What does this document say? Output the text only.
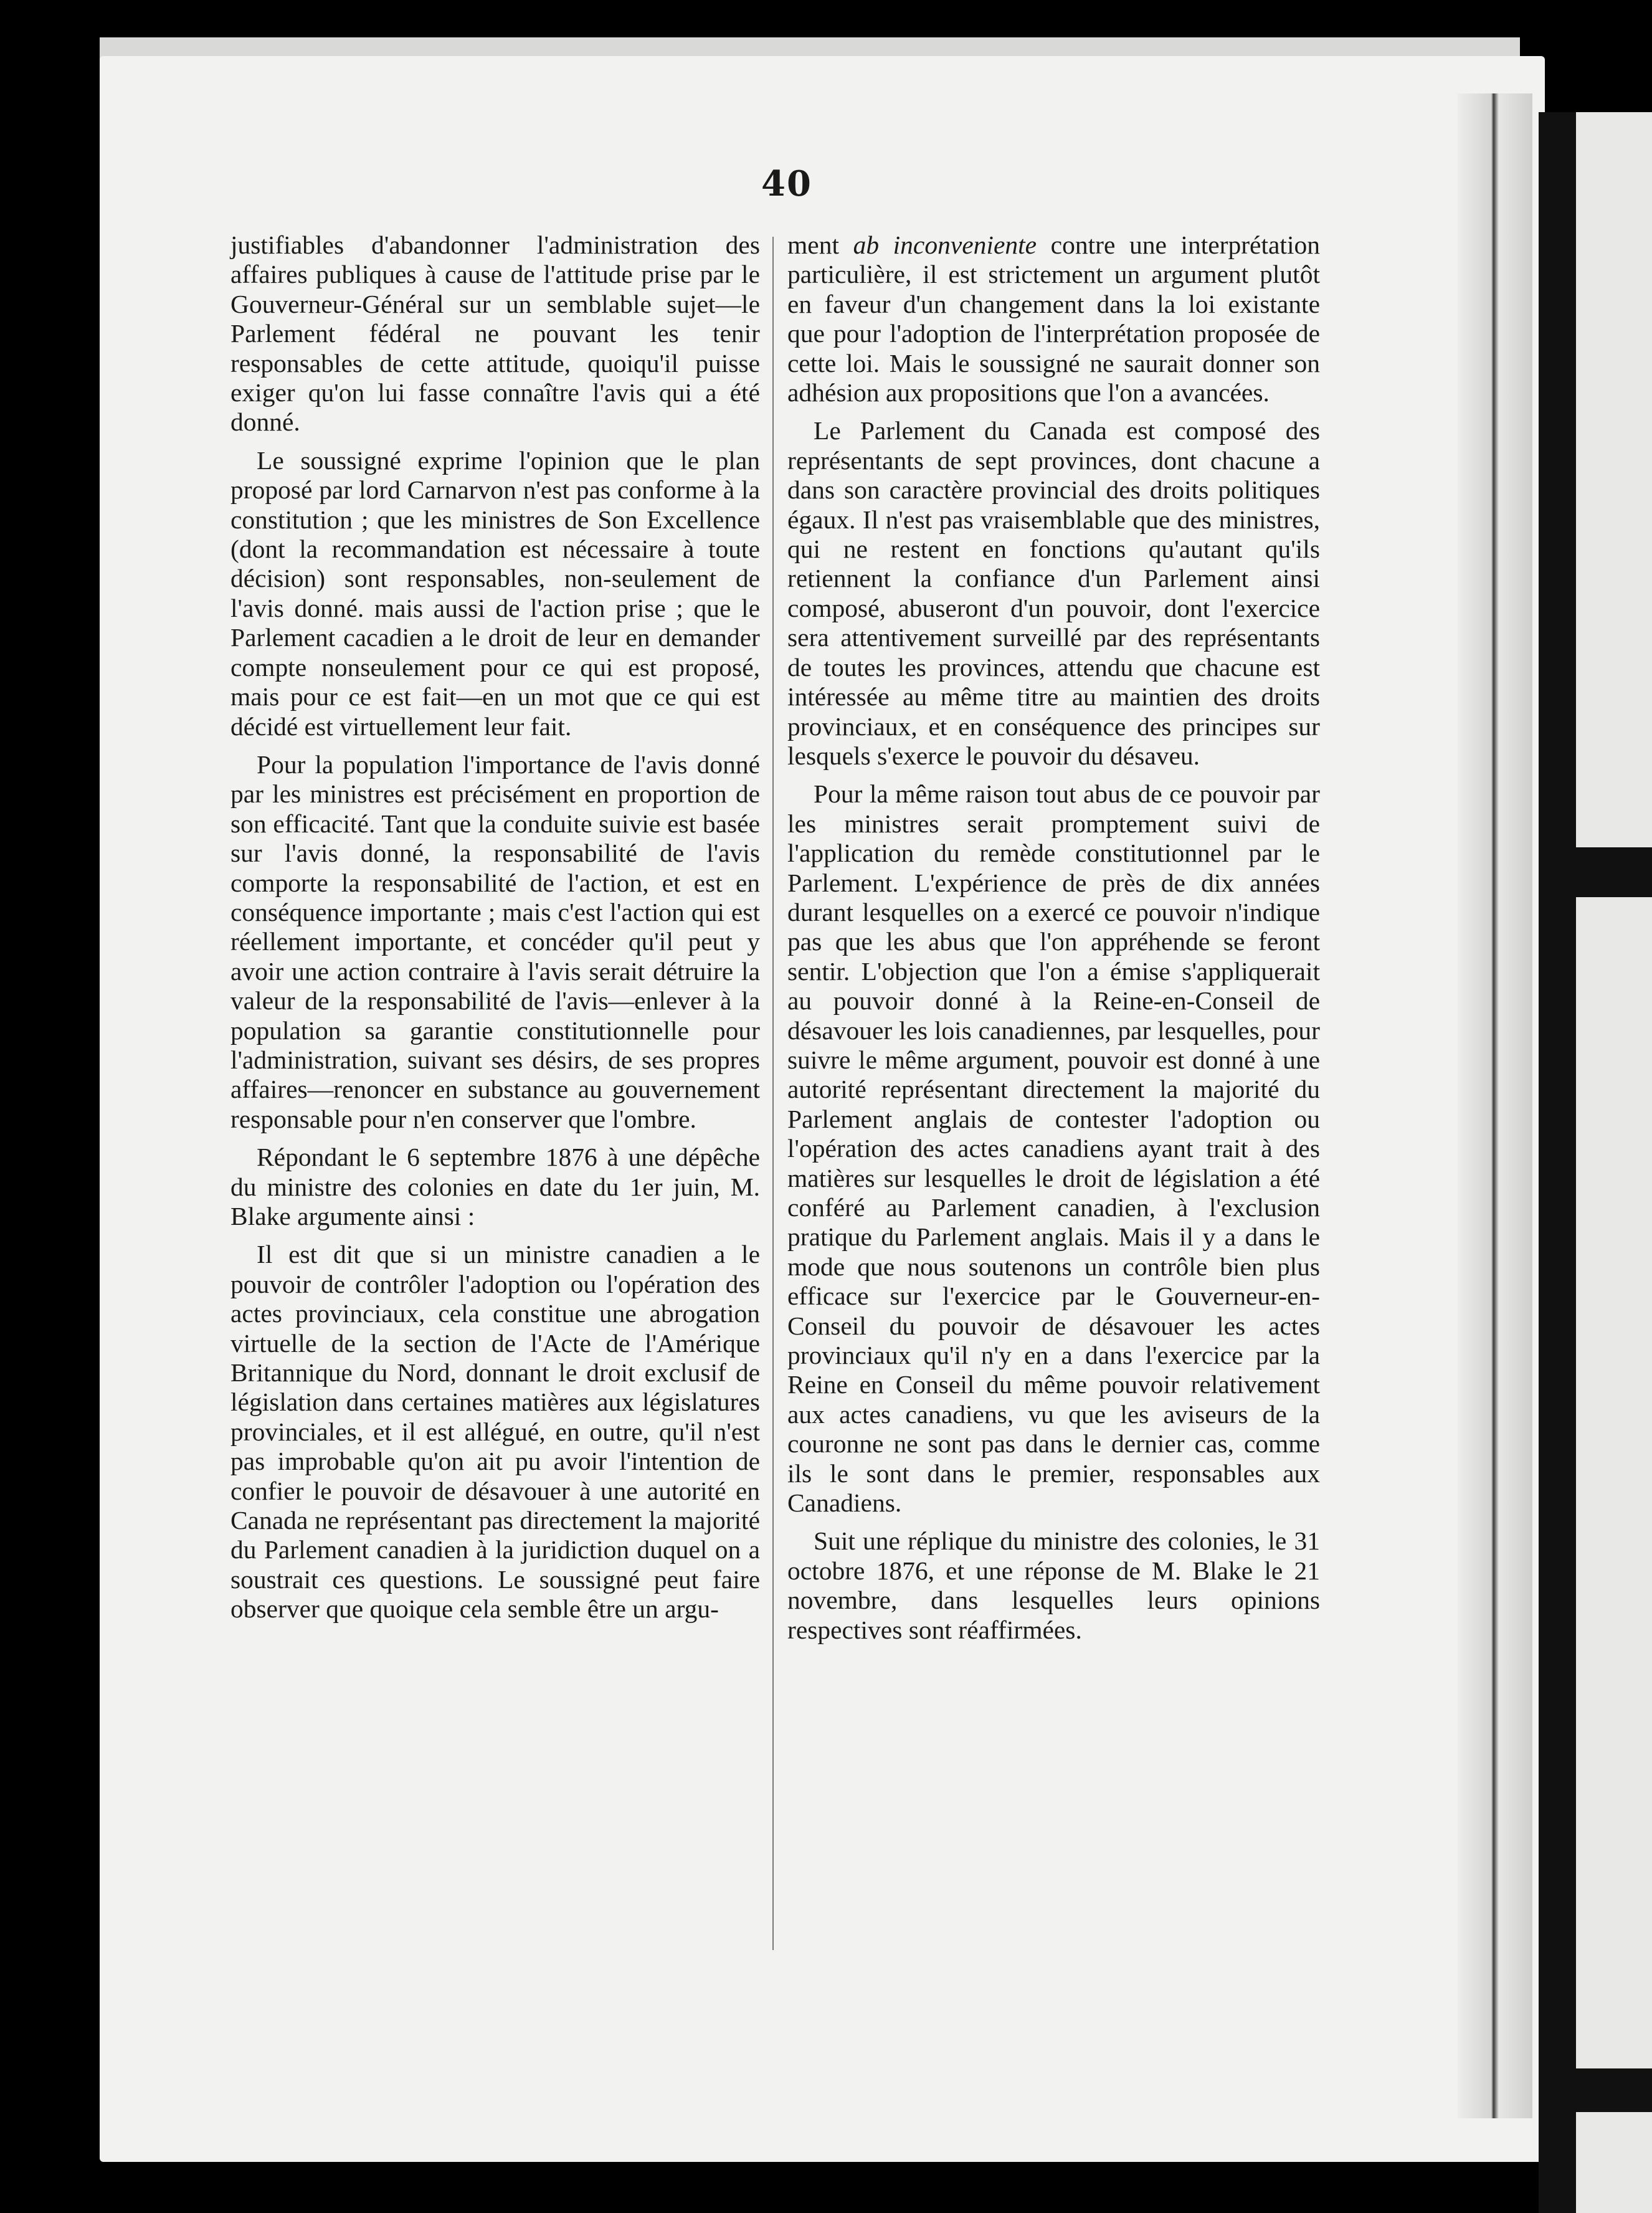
40

justifiables d'abandonner l'administration des affaires publiques à cause de l'attitude prise par le Gouverneur-Général sur un semblable sujet—le Parlement fédéral ne pouvant les tenir responsables de cette attitude, quoiqu'il puisse exiger qu'on lui fasse connaître l'avis qui a été donné.

Le soussigné exprime l'opinion que le plan proposé par lord Carnarvon n'est pas conforme à la constitution ; que les ministres de Son Excellence (dont la recommandation est nécessaire à toute décision) sont responsables, non-seulement de l'avis donné. mais aussi de l'action prise ; que le Parlement cacadien a le droit de leur en demander compte nonseulement pour ce qui est proposé, mais pour ce est fait—en un mot que ce qui est décidé est virtuellement leur fait.

Pour la population l'importance de l'avis donné par les ministres est précisément en proportion de son efficacité. Tant que la conduite suivie est basée sur l'avis donné, la responsabilité de l'avis comporte la responsabilité de l'action, et est en conséquence importante ; mais c'est l'action qui est réellement importante, et concéder qu'il peut y avoir une action contraire à l'avis serait détruire la valeur de la responsabilité de l'avis—enlever à la population sa garantie constitutionnelle pour l'administration, suivant ses désirs, de ses propres affaires—renoncer en substance au gouvernement responsable pour n'en conserver que l'ombre.

Répondant le 6 septembre 1876 à une dépêche du ministre des colonies en date du 1er juin, M. Blake argumente ainsi :

Il est dit que si un ministre canadien a le pouvoir de contrôler l'adoption ou l'opération des actes provinciaux, cela constitue une abrogation virtuelle de la section de l'Acte de l'Amérique Britannique du Nord, donnant le droit exclusif de législation dans certaines matières aux législatures provinciales, et il est allégué, en outre, qu'il n'est pas improbable qu'on ait pu avoir l'intention de confier le pouvoir de désavouer à une autorité en Canada ne représentant pas directement la majorité du Parlement canadien à la juridiction duquel on a soustrait ces questions. Le soussigné peut faire observer que quoique cela semble être un argu-

ment ab inconveniente contre une interprétation particulière, il est strictement un argument plutôt en faveur d'un changement dans la loi existante que pour l'adoption de l'interprétation proposée de cette loi. Mais le soussigné ne saurait donner son adhésion aux propositions que l'on a avancées.

Le Parlement du Canada est composé des représentants de sept provinces, dont chacune a dans son caractère provincial des droits politiques égaux. Il n'est pas vraisemblable que des ministres, qui ne restent en fonctions qu'autant qu'ils retiennent la confiance d'un Parlement ainsi composé, abuseront d'un pouvoir, dont l'exercice sera attentivement surveillé par des représentants de toutes les provinces, attendu que chacune est intéressée au même titre au maintien des droits provinciaux, et en conséquence des principes sur lesquels s'exerce le pouvoir du désaveu.

Pour la même raison tout abus de ce pouvoir par les ministres serait promptement suivi de l'application du remède constitutionnel par le Parlement. L'expérience de près de dix années durant lesquelles on a exercé ce pouvoir n'indique pas que les abus que l'on appréhende se feront sentir. L'objection que l'on a émise s'appliquerait au pouvoir donné à la Reine-en-Conseil de désavouer les lois canadiennes, par lesquelles, pour suivre le même argument, pouvoir est donné à une autorité représentant directement la majorité du Parlement anglais de contester l'adoption ou l'opération des actes canadiens ayant trait à des matières sur lesquelles le droit de législation a été conféré au Parlement canadien, à l'exclusion pratique du Parlement anglais. Mais il y a dans le mode que nous soutenons un contrôle bien plus efficace sur l'exercice par le Gouverneur-en-Conseil du pouvoir de désavouer les actes provinciaux qu'il n'y en a dans l'exercice par la Reine en Conseil du même pouvoir relativement aux actes canadiens, vu que les aviseurs de la couronne ne sont pas dans le dernier cas, comme ils le sont dans le premier, responsables aux Canadiens.

Suit une réplique du ministre des colonies, le 31 octobre 1876, et une réponse de M. Blake le 21 novembre, dans lesquelles leurs opinions respectives sont réaffirmées.
